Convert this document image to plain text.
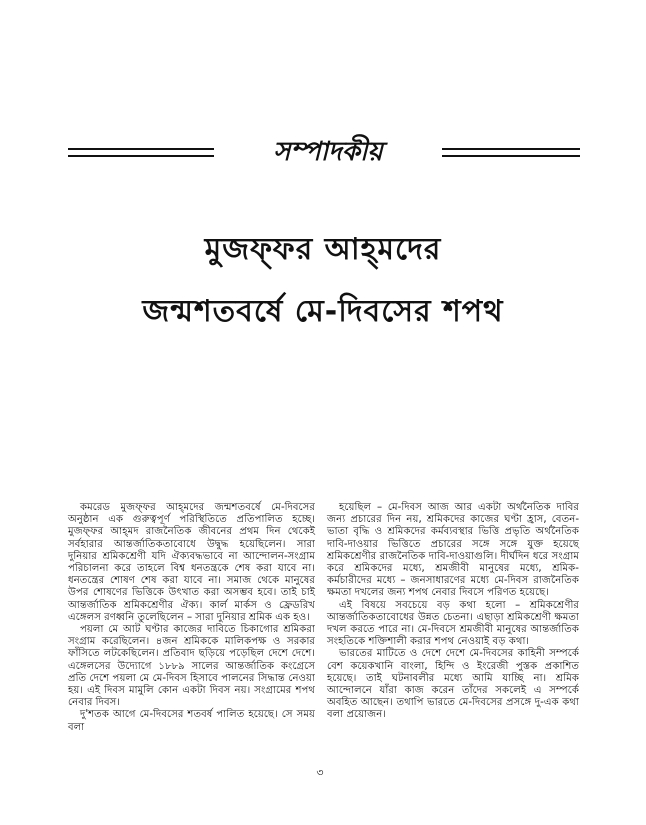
সম্পাদকীয়
মুজফ্‌ফর আহ্‌মদের
জন্মশতবর্ষে মে-দিবসের শপথ

কমরেড মুজফ্‌ফর আহ্‌মদের জন্মশতবর্ষে মে-দিবসের অনুষ্ঠান এক গুরুত্বপূর্ণ পরিস্থিতিতে প্রতিপালিত হচ্ছে। মুজফ্‌ফর আহ্‌মদ রাজনৈতিক জীবনের প্রথম দিন থেকেই সর্বহারার আন্তর্জাতিকতাবোধে উদ্বুদ্ধ হয়েছিলেন। সারা দুনিয়ার শ্রমিকশ্রেণী যদি ঐক্যবদ্ধভাবে না আন্দোলন-সংগ্রাম পরিচালনা করে তাহলে বিশ্ব ধনতন্ত্রকে শেষ করা যাবে না। ধনতন্ত্রের শোষণ শেষ করা যাবে না। সমাজ থেকে মানুষের উপর শোষণের ভিত্তিকে উৎখাত করা অসম্ভব হবে। তাই চাই আন্তর্জাতিক শ্রমিকশ্রেণীর ঐক্য। কার্ল মার্কস ও ফ্রেডরিখ এঙ্গেলস রণধ্বনি তুলেছিলেন – সারা দুনিয়ার শ্রমিক এক হও।

পয়লা মে আট ঘণ্টার কাজের দাবিতে চিকাগোর শ্রমিকরা সংগ্রাম করেছিলেন। ৪জন শ্রমিককে মালিকপক্ষ ও সরকার ফাঁসিতে লটকেছিলেন। প্রতিবাদ ছড়িয়ে পড়েছিল দেশে দেশে। এঙ্গেলসের উদ্যোগে ১৮৮৯ সালের আন্তর্জাতিক কংগ্রেসে প্রতি দেশে পয়লা মে মে-দিবস হিসাবে পালনের সিদ্ধান্ত নেওয়া হয়। এই দিবস মামুলি কোন একটা দিবস নয়। সংগ্রামের শপথ নেবার দিবস।

দু'শতক আগে মে-দিবসের শতবর্ষ পালিত হয়েছে। সে সময় বলা

হয়েছিল – মে-দিবস আজ আর একটা অর্থনৈতিক দাবির জন্য প্রচারের দিন নয়, শ্রমিকদের কাজের ঘণ্টা হ্রাস, বেতন-ভাতা বৃদ্ধি ও শ্রমিকদের কর্মব্যবস্থার ভিত্তি প্রভৃতি অর্থনৈতিক দাবি-দাওয়ার ভিত্তিতে প্রচারের সঙ্গে সঙ্গে যুক্ত হয়েছে শ্রমিকশ্রেণীর রাজনৈতিক দাবি-দাওয়াগুলি। দীর্ঘদিন ধরে সংগ্রাম করে শ্রমিকদের মধ্যে, শ্রমজীবী মানুষের মধ্যে, শ্রমিক-কর্মচারীদের মধ্যে – জনসাধারণের মধ্যে মে-দিবস রাজনৈতিক ক্ষমতা দখলের জন্য শপথ নেবার দিবসে পরিণত হয়েছে।

এই বিষয়ে সবচেয়ে বড় কথা হলো – শ্রমিকশ্রেণীর আন্তর্জাতিকতাবোধের উন্নত চেতনা। এছাড়া শ্রমিকশ্রেণী ক্ষমতা দখল করতে পারে না। মে-দিবসে শ্রমজীবী মানুষের আন্তর্জাতিক সংহতিকে শক্তিশালী করার শপথ নেওয়াই বড় কথা।

ভারতের মাটিতে ও দেশে দেশে মে-দিবসের কাহিনী সম্পর্কে বেশ কয়েকখানি বাংলা, হিন্দি ও ইংরেজী পুস্তক প্রকাশিত হয়েছে। তাই ঘটনাবলীর মধ্যে আমি যাচ্ছি না। শ্রমিক আন্দোলনে যাঁরা কাজ করেন তাঁদের সকলেই এ সম্পর্কে অবহিত আছেন। তথাপি ভারতে মে-দিবসের প্রসঙ্গে দু-এক কথা বলা প্রয়োজন।

৩
